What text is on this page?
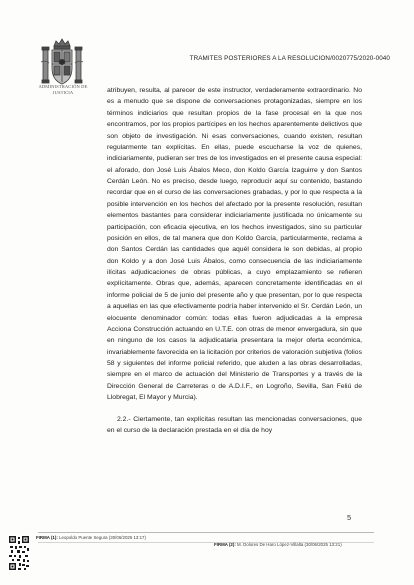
ADMINISTRACIÓN DE JUSTICIA
TRAMITES POSTERIORES A LA RESOLUCION/0020775/2020-0040

atribuyen, resulta, al parecer de este instructor, verdaderamente extraordinario. No es a menudo que se dispone de conversaciones protagonizadas, siempre en los términos indiciarios que resultan propios de la fase procesal en la que nos encontramos, por los propios partícipes en los hechos aparentemente delictivos que son objeto de investigación. Ni esas conversaciones, cuando existen, resultan regularmente tan explícitas. En ellas, puede escucharse la voz de quienes, indiciariamente, pudieran ser tres de los investigados en el presente causa especial: el aforado, don José Luis Ábalos Meco, don Koldo García Izaguirre y don Santos Cerdán León. No es preciso, desde luego, reproducir aquí su contenido, bastando recordar que en el curso de las conversaciones grabadas, y por lo que respecta a la posible intervención en los hechos del afectado por la presente resolución, resultan elementos bastantes para considerar indiciariamente justificada no únicamente su participación, con eficacia ejecutiva, en los hechos investigados, sino su particular posición en ellos, de tal manera que don Koldo García, particularmente, reclama a don Santos Cerdán las cantidades que aquél considera le son debidas, al propio don Koldo y a don José Luis Ábalos, como consecuencia de las indiciariamente ilícitas adjudicaciones de obras públicas, a cuyo emplazamiento se refieren explícitamente. Obras que, además, aparecen concretamente identificadas en el informe policial de 5 de junio del presente año y que presentan, por lo que respecta a aquellas en las que efectivamente podría haber intervenido el Sr. Cerdán León, un elocuente denominador común: todas ellas fueron adjudicadas a la empresa Acciona Construcción actuando en U.T.E. con otras de menor envergadura, sin que en ninguno de los casos la adjudicataria presentara la mejor oferta económica, invariablemente favorecida en la licitación por criterios de valoración subjetiva (folios 58 y siguientes del informe policial referido, que aluden a las obras desarrolladas, siempre en el marco de actuación del Ministerio de Transportes y a través de la Dirección General de Carreteras o de A.D.I.F., en Logroño, Sevilla, San Feliú de Llobregat, El Mayor y Murcia).

2.2.- Ciertamente, tan explícitas resultan las mencionadas conversaciones, que en el curso de la declaración prestada en el día de hoy

5
FIRMA (1): Leopoldo Puente Segura (30/06/2025 13:17)
FIRMA (2): M. Dolores De Haro López-Villalta (30/06/2025 13:21)
